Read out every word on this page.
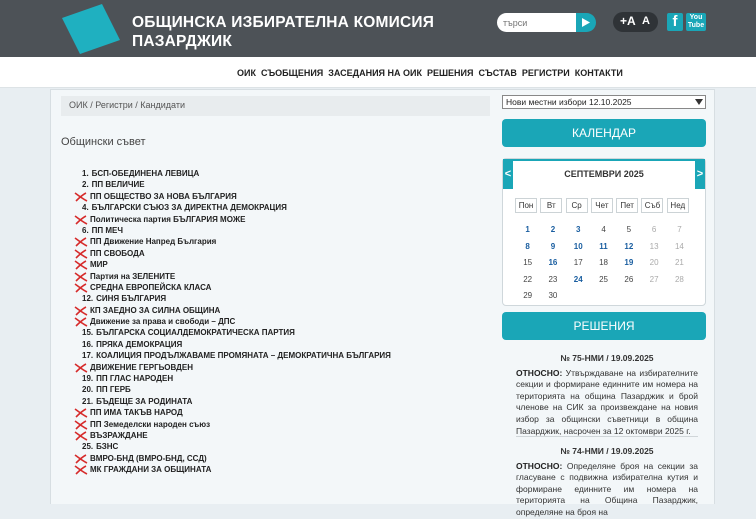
ОБЩИНСКА ИЗБИРАТЕЛНА КОМИСИЯ
ПАЗАРДЖИК
търси
+A A	f	You
Tube
ОИК СЪОБЩЕНИЯ ЗАСЕДАНИЯ НА ОИК РЕШЕНИЯ СЪСТАВ РЕГИСТРИ КОНТАКТИ
ОИК / Регистри / Кандидати
Общински съвет
1. БСП-ОБЕДИНЕНА ЛЕВИЦА
2. ПП ВЕЛИЧИЕ
ПП ОБЩЕСТВО ЗА НОВА БЪЛГАРИЯ
4. БЪЛГАРСКИ СЪЮЗ ЗА ДИРЕКТНА ДЕМОКРАЦИЯ
Политическа партия БЪЛГАРИЯ МОЖЕ
6. ПП МЕЧ
ПП Движение Напред България
ПП СВОБОДА
МИР
Партия на ЗЕЛЕНИТЕ
СРЕДНА ЕВРОПЕЙСКА КЛАСА
12. СИНЯ БЪЛГАРИЯ
КП ЗАЕДНО ЗА СИЛНА ОБЩИНА
Движение за права и свободи – ДПС
15. БЪЛГАРСКА СОЦИАЛДЕМОКРАТИЧЕСКА ПАРТИЯ
16. ПРЯКА ДЕМОКРАЦИЯ
17. КОАЛИЦИЯ ПРОДЪЛЖАВАМЕ ПРОМЯНАТА – ДЕМОКРАТИЧНА БЪЛГАРИЯ
ДВИЖЕНИЕ ГЕРГЬОВДЕН
19. ПП ГЛАС НАРОДЕН
20. ПП ГЕРБ
21. БЪДЕЩЕ ЗА РОДИНАТА
ПП ИМА ТАКЪВ НАРОД
ПП Земеделски народен съюз
ВЪЗРАЖДАНЕ
25. БЗНС
ВМРО-БНД (ВМРО-БНД, ССД)
МК ГРАЖДАНИ ЗА ОБЩИНАТА
Нови местни избори 12.10.2025
КАЛЕНДАР
<	СЕПТЕМВРИ 2025	>
Пон Вт Ср Чет Пет Съб Нед
1	2	3	4	5	6	7
8	9 10 11 12 13 14
15 16 17 18 19 20 21
22 23 24 25 26 27 28
29 30
РЕШЕНИЯ
№ 75-НМИ / 19.09.2025
ОТНОСНО: Утвърждаване на избирателните секции и формиране единните им номера на територията на община Пазарджик и брой членове на СИК за произвеждане на новия избор за общински съветници в община Пазарджик, насрочен за 12 октомври 2025 г.
№ 74-НМИ / 19.09.2025
ОТНОСНО: Определяне броя на секции за гласуване с подвижна избирателна кутия и формиране единните им номера на територията на Община Пазарджик, определяне на броя на
